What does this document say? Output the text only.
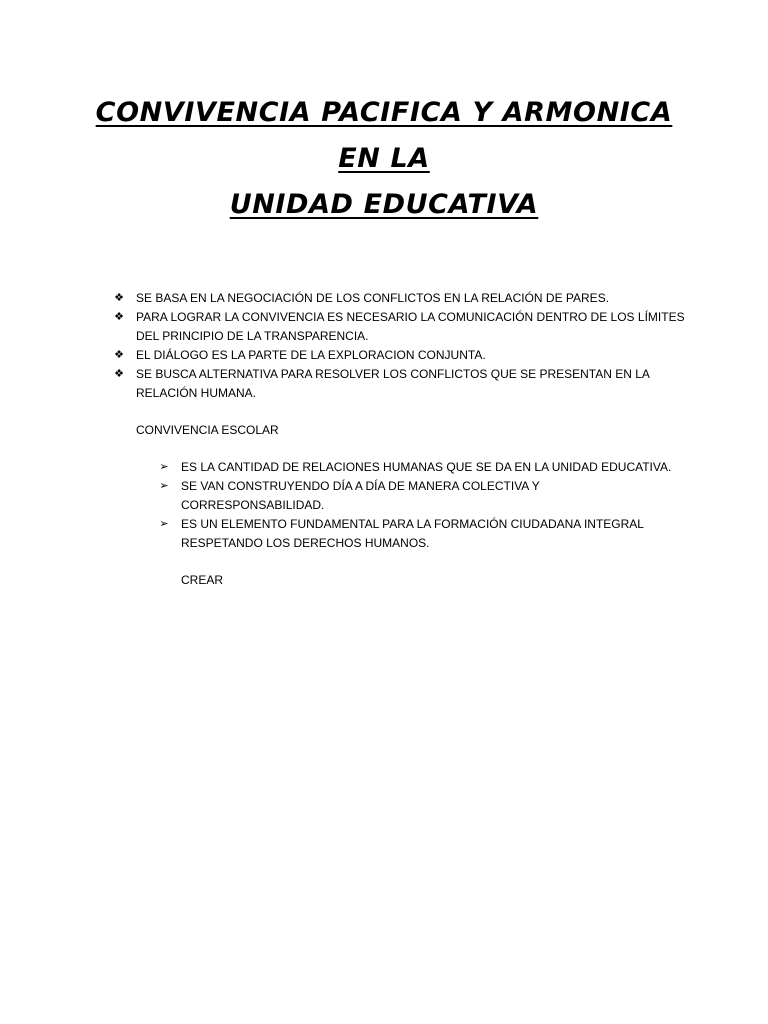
CONVIVENCIA PACIFICA Y ARMONICA
EN LA
UNIDAD EDUCATIVA
❖ SE BASA EN LA NEGOCIACIÓN DE LOS CONFLICTOS EN LA RELACIÓN DE PARES.
❖ PARA LOGRAR LA CONVIVENCIA ES NECESARIO LA COMUNICACIÓN DENTRO DE LOS LÍMITES DEL PRINCIPIO DE LA TRANSPARENCIA.
❖ EL DIÁLOGO ES LA PARTE DE LA EXPLORACION CONJUNTA.
❖ SE BUSCA ALTERNATIVA PARA RESOLVER LOS CONFLICTOS QUE SE PRESENTAN EN LA RELACIÓN HUMANA.
CONVIVENCIA ESCOLAR
➢ ES LA CANTIDAD DE RELACIONES HUMANAS QUE SE DA EN LA UNIDAD EDUCATIVA.
➢ SE VAN CONSTRUYENDO DÍA A DÍA DE MANERA COLECTIVA Y CORRESPONSABILIDAD.
➢ ES UN ELEMENTO FUNDAMENTAL PARA LA FORMACIÓN CIUDADANA INTEGRAL RESPETANDO LOS DERECHOS HUMANOS.
CREAR
